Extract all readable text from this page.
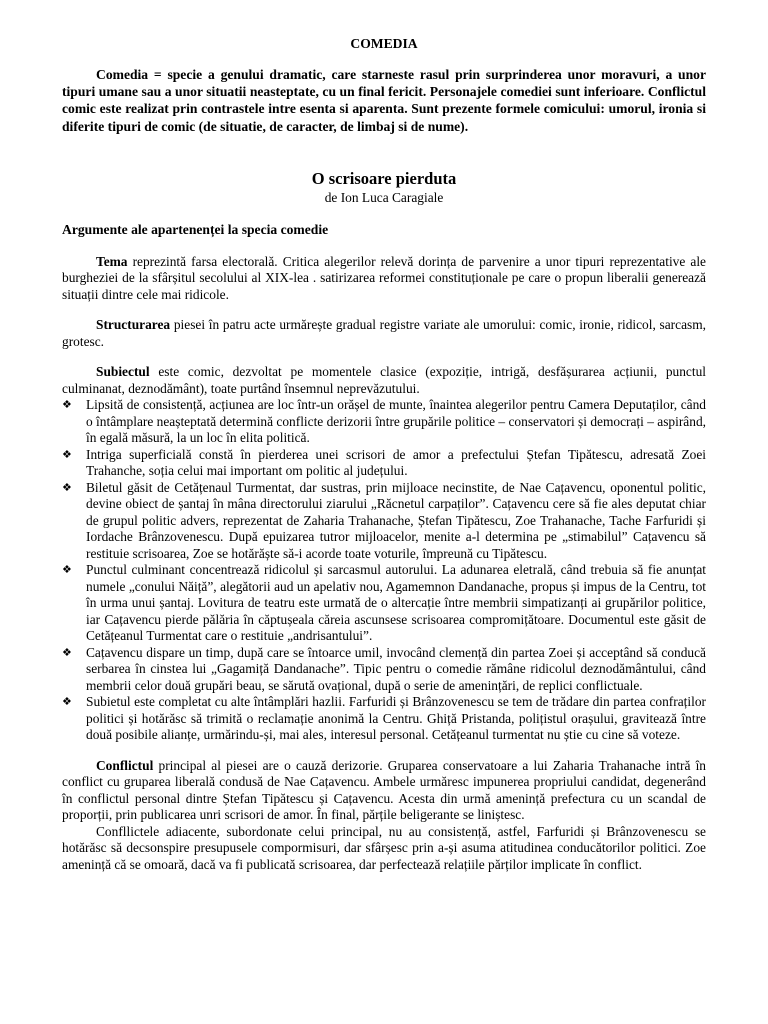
COMEDIA

Comedia = specie a genului dramatic, care starneste rasul prin surprinderea unor moravuri, a unor tipuri umane sau a unor situatii neasteptate, cu un final fericit. Personajele comediei sunt inferioare. Conflictul comic este realizat prin contrastele intre esenta si aparenta. Sunt prezente formele comicului: umorul, ironia si diferite tipuri de comic (de situatie, de caracter, de limbaj si de nume).

O scrisoare pierduta
de Ion Luca Caragiale
Argumente ale apartenenței la specia comedie

Tema reprezintă farsa electorală. Critica alegerilor relevă dorința de parvenire a unor tipuri reprezentative ale burgheziei de la sfârșitul secolului al XIX-lea . satirizarea reformei constituționale pe care o propun liberalii generează situații dintre cele mai ridicole.

Structurarea piesei în patru acte urmărește gradual registre variate ale umorului: comic, ironie, ridicol, sarcasm, grotesc.

Subiectul este comic, dezvoltat pe momentele clasice (expoziție, intrigă, desfășurarea acțiunii, punctul culminanat, deznodământ), toate purtând însemnul neprevăzutului.

❖ Lipsită de consistență, acțiunea are loc într-un orășel de munte, înaintea alegerilor pentru Camera Deputaților, când o întâmplare neașteptată determină conflicte derizorii între grupările politice – conservatori și democrați – aspirând, în egală măsură, la un loc în elita politică.
❖ Intriga superficială constă în pierderea unei scrisori de amor a prefectului Ștefan Tipătescu, adresată Zoei Trahanche, soția celui mai important om politic al județului.
❖ Biletul găsit de Cetățenaul Turmentat, dar sustras, prin mijloace necinstite, de Nae Cațavencu, oponentul politic, devine obiect de șantaj în mâna directorului ziarului „Răcnetul carpaților”. Cațavencu cere să fie ales deputat chiar de grupul politic advers, reprezentat de Zaharia Trahanache, Ștefan Tipătescu, Zoe Trahanache, Tache Farfuridi și Iordache Brânzovenescu. După epuizarea tutror mijloacelor, menite a-l determina pe „stimabilul” Cațavencu să restituie scrisoarea, Zoe se hotărăște să-i acorde toate voturile, împreună cu Tipătescu.
❖ Punctul culminant concentrează ridicolul și sarcasmul autorului. La adunarea eletrală, când trebuia să fie anunțat numele „conului Năiță”, alegătorii aud un apelativ nou, Agamemnon Dandanache, propus și impus de la Centru, tot în urma unui șantaj. Lovitura de teatru este urmată de o altercație între membrii simpatizanți ai grupărilor politice, iar Cațavencu pierde pălăria în căptușeala căreia ascunsese scrisoarea compromițătoare. Documentul este găsit de Cetățeanul Turmentat care o restituie „andrisantului”.
❖ Cațavencu dispare un timp, după care se întoarce umil, invocând clemență din partea Zoei și acceptând să conducă serbarea în cinstea lui „Gagamiță Dandanache”. Tipic pentru o comedie rămâne ridicolul deznodământului, când membrii celor două grupări beau, se sărută ovațional, după o serie de amenințări, de replici conflictuale.
❖ Subietul este completat cu alte întâmplări hazlii. Farfuridi și Brânzovenescu se tem de trădare din partea confraților politici și hotărăsc să trimită o reclamație anonimă la Centru. Ghiță Pristanda, polițistul orașului, gravitează între două posibile alianțe, urmărindu-și, mai ales, interesul personal. Cetățeanul turmentat nu știe cu cine să voteze.

Conflictul principal al piesei are o cauză derizorie. Gruparea conservatoare a lui Zaharia Trahanache intră în conflict cu gruparea liberală condusă de Nae Cațavencu. Ambele urmăresc impunerea propriului candidat, degenerând în conflictul personal dintre Ștefan Tipătescu și Cațavencu. Acesta din urmă amenință prefectura cu un scandal de proporții, prin publicarea unri scrisori de amor. În final, părțile beligerante se liniștesc.

Confllictele adiacente, subordonate celui principal, nu au consistență, astfel, Farfuridi și Brânzovenescu se hotărăsc să decsonspire presupusele compormisuri, dar sfârșesc prin a-și asuma atitudinea conducătorilor politici. Zoe amenință că se omoară, dacă va fi publicată scrisoarea, dar perfectează relațiile părților implicate în conflict.
